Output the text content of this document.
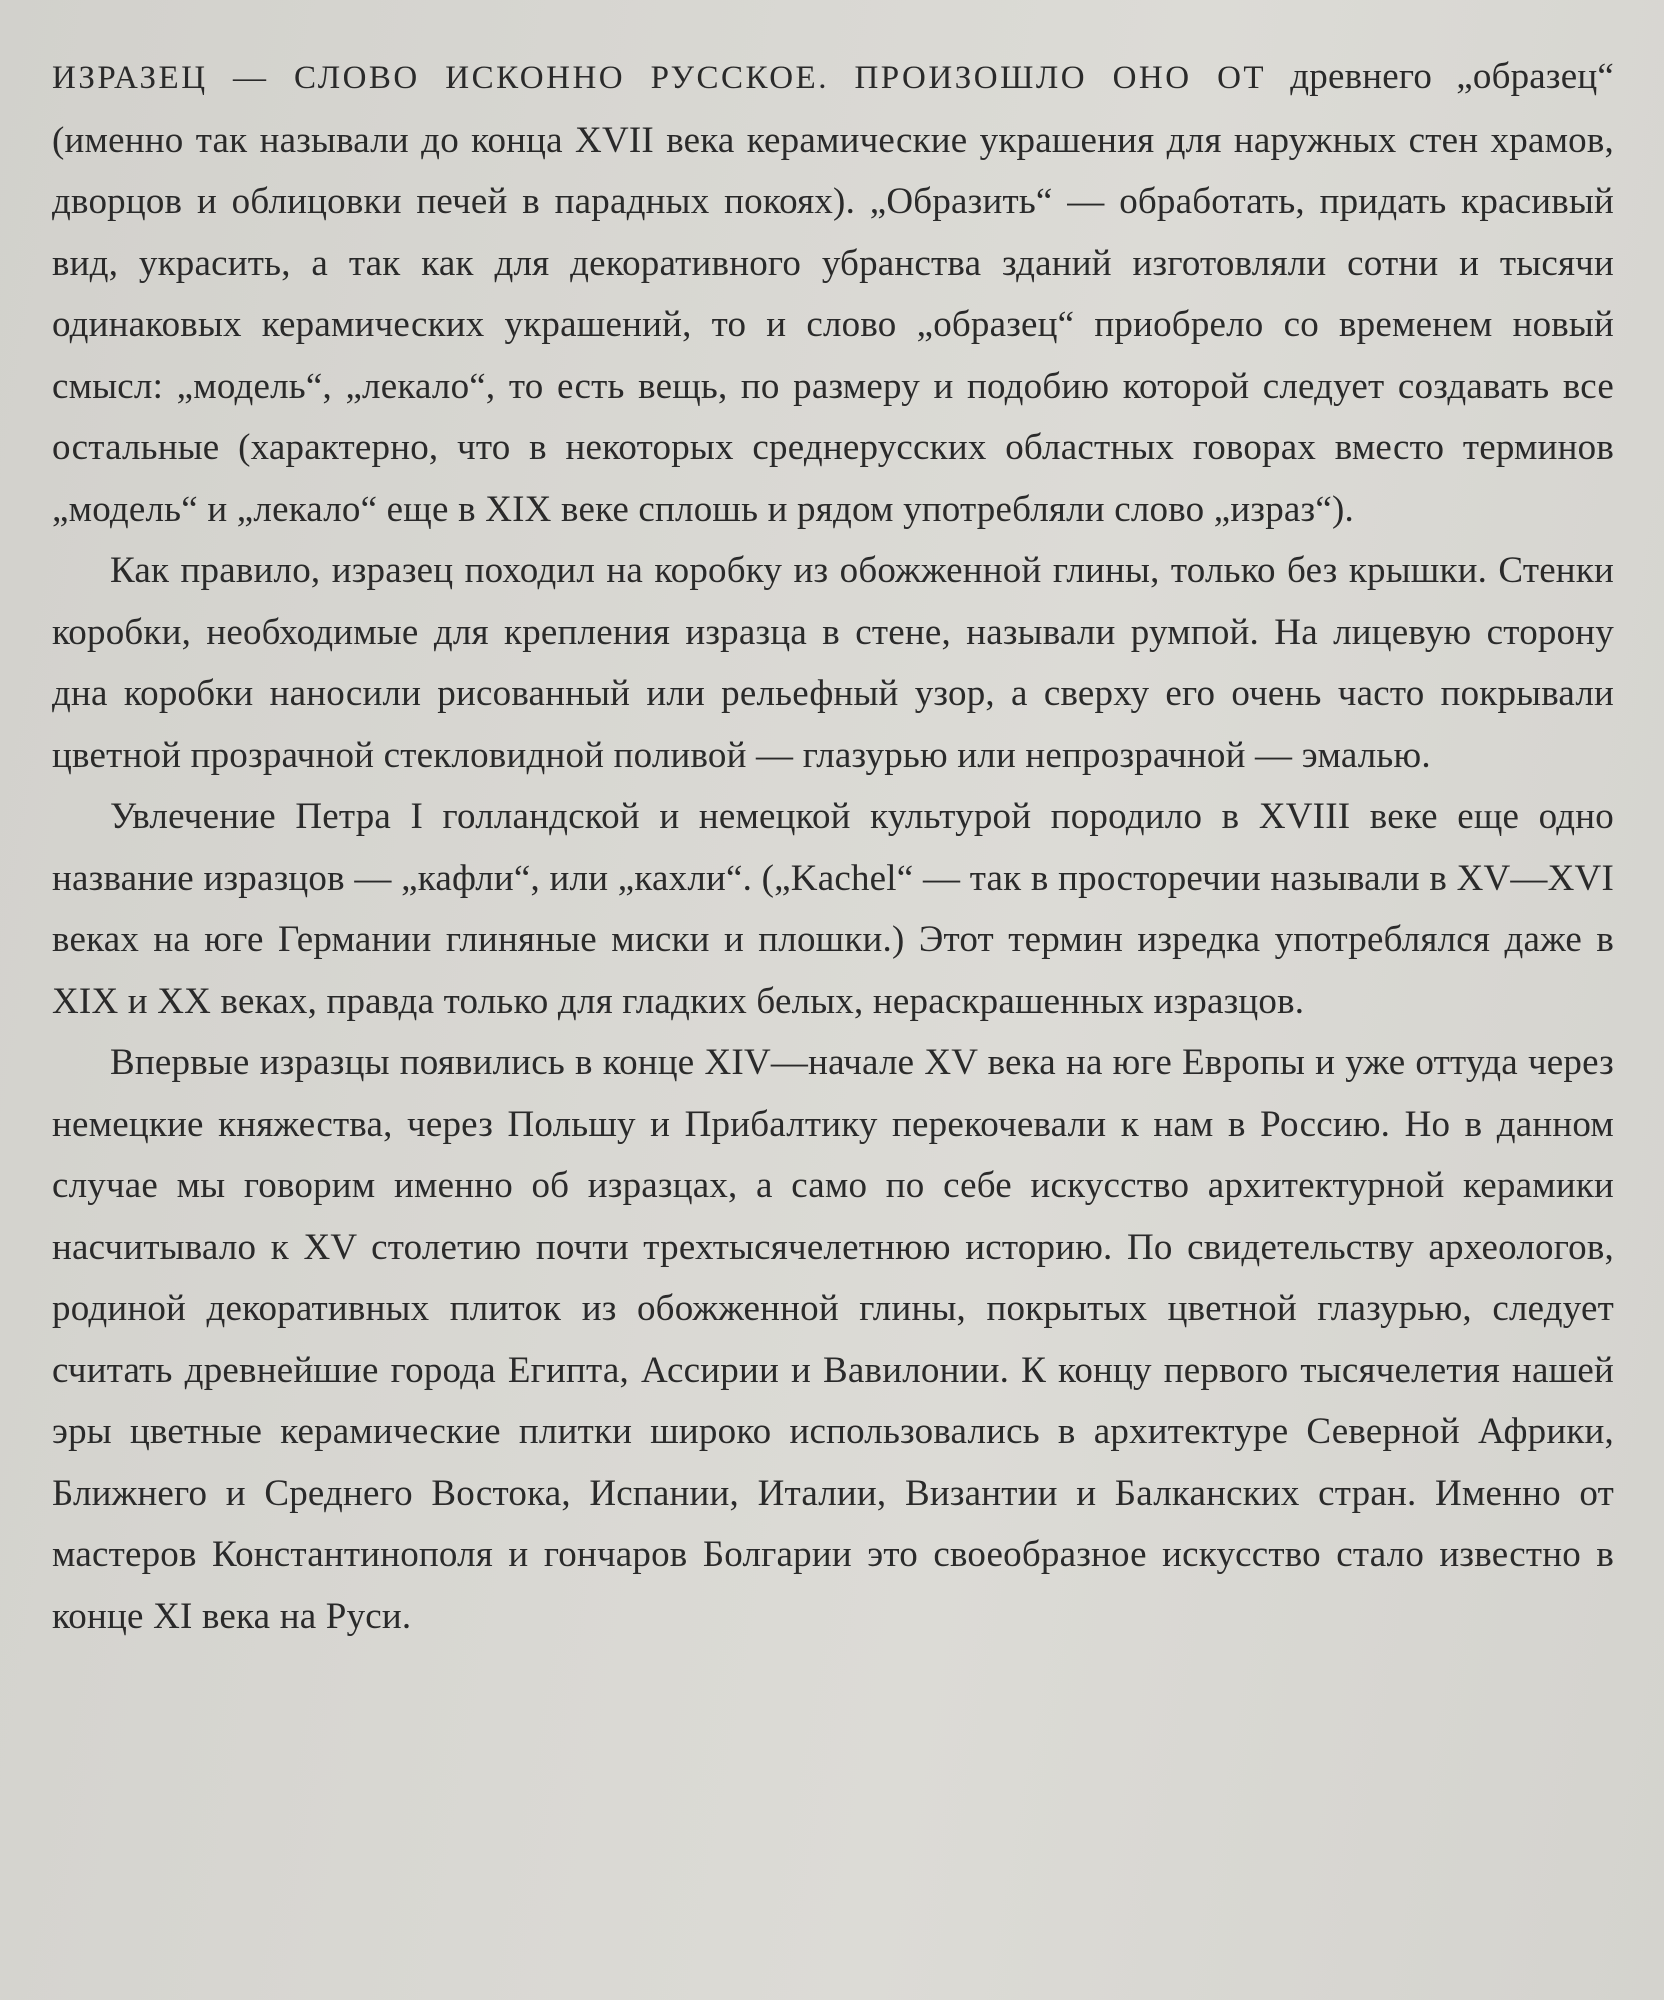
ИЗРАЗЕЦ — СЛОВО ИСКОННО РУССКОЕ. ПРОИЗОШЛО ОНО ОТ древнего „образец“ (именно так называли до конца XVII века керамические украшения для наружных стен храмов, дворцов и облицовки печей в парадных покоях). „Образить“ — обработать, придать красивый вид, украсить, а так как для декоративного убранства зданий изготовляли сотни и тысячи одинаковых керамических украшений, то и слово „образец“ приобрело со временем новый смысл: „модель“, „лекало“, то есть вещь, по размеру и подобию которой следует создавать все остальные (характерно, что в некоторых среднерусских областных говорах вместо терминов „модель“ и „лекало“ еще в XIX веке сплошь и рядом употребляли слово „израз“).

Как правило, изразец походил на коробку из обожженной глины, только без крышки. Стенки коробки, необходимые для крепления изразца в стене, называли румпой. На лицевую сторону дна коробки наносили рисованный или рельефный узор, а сверху его очень часто покрывали цветной прозрачной стекловидной поливой — глазурью или непрозрачной — эмалью.

Увлечение Петра I голландской и немецкой культурой породило в XVIII веке еще одно название изразцов — „кафли“, или „кахли“. („Kachel“ — так в просторечии называли в XV—XVI веках на юге Германии глиняные миски и плошки.) Этот термин изредка употреблялся даже в XIX и XX веках, правда только для гладких белых, нераскрашенных изразцов.

Впервые изразцы появились в конце XIV—начале XV века на юге Европы и уже оттуда через немецкие княжества, через Польшу и Прибалтику перекочевали к нам в Россию. Но в данном случае мы говорим именно об изразцах, а само по себе искусство архитектурной керамики насчитывало к XV столетию почти трехтысячелетнюю историю. По свидетельству археологов, родиной декоративных плиток из обожженной глины, покрытых цветной глазурью, следует считать древнейшие города Египта, Ассирии и Вавилонии. К концу первого тысячелетия нашей эры цветные керамические плитки широко использовались в архитектуре Северной Африки, Ближнего и Среднего Востока, Испании, Италии, Византии и Балканских стран. Именно от мастеров Константинополя и гончаров Болгарии это своеобразное искусство стало известно в конце XI века на Руси.
